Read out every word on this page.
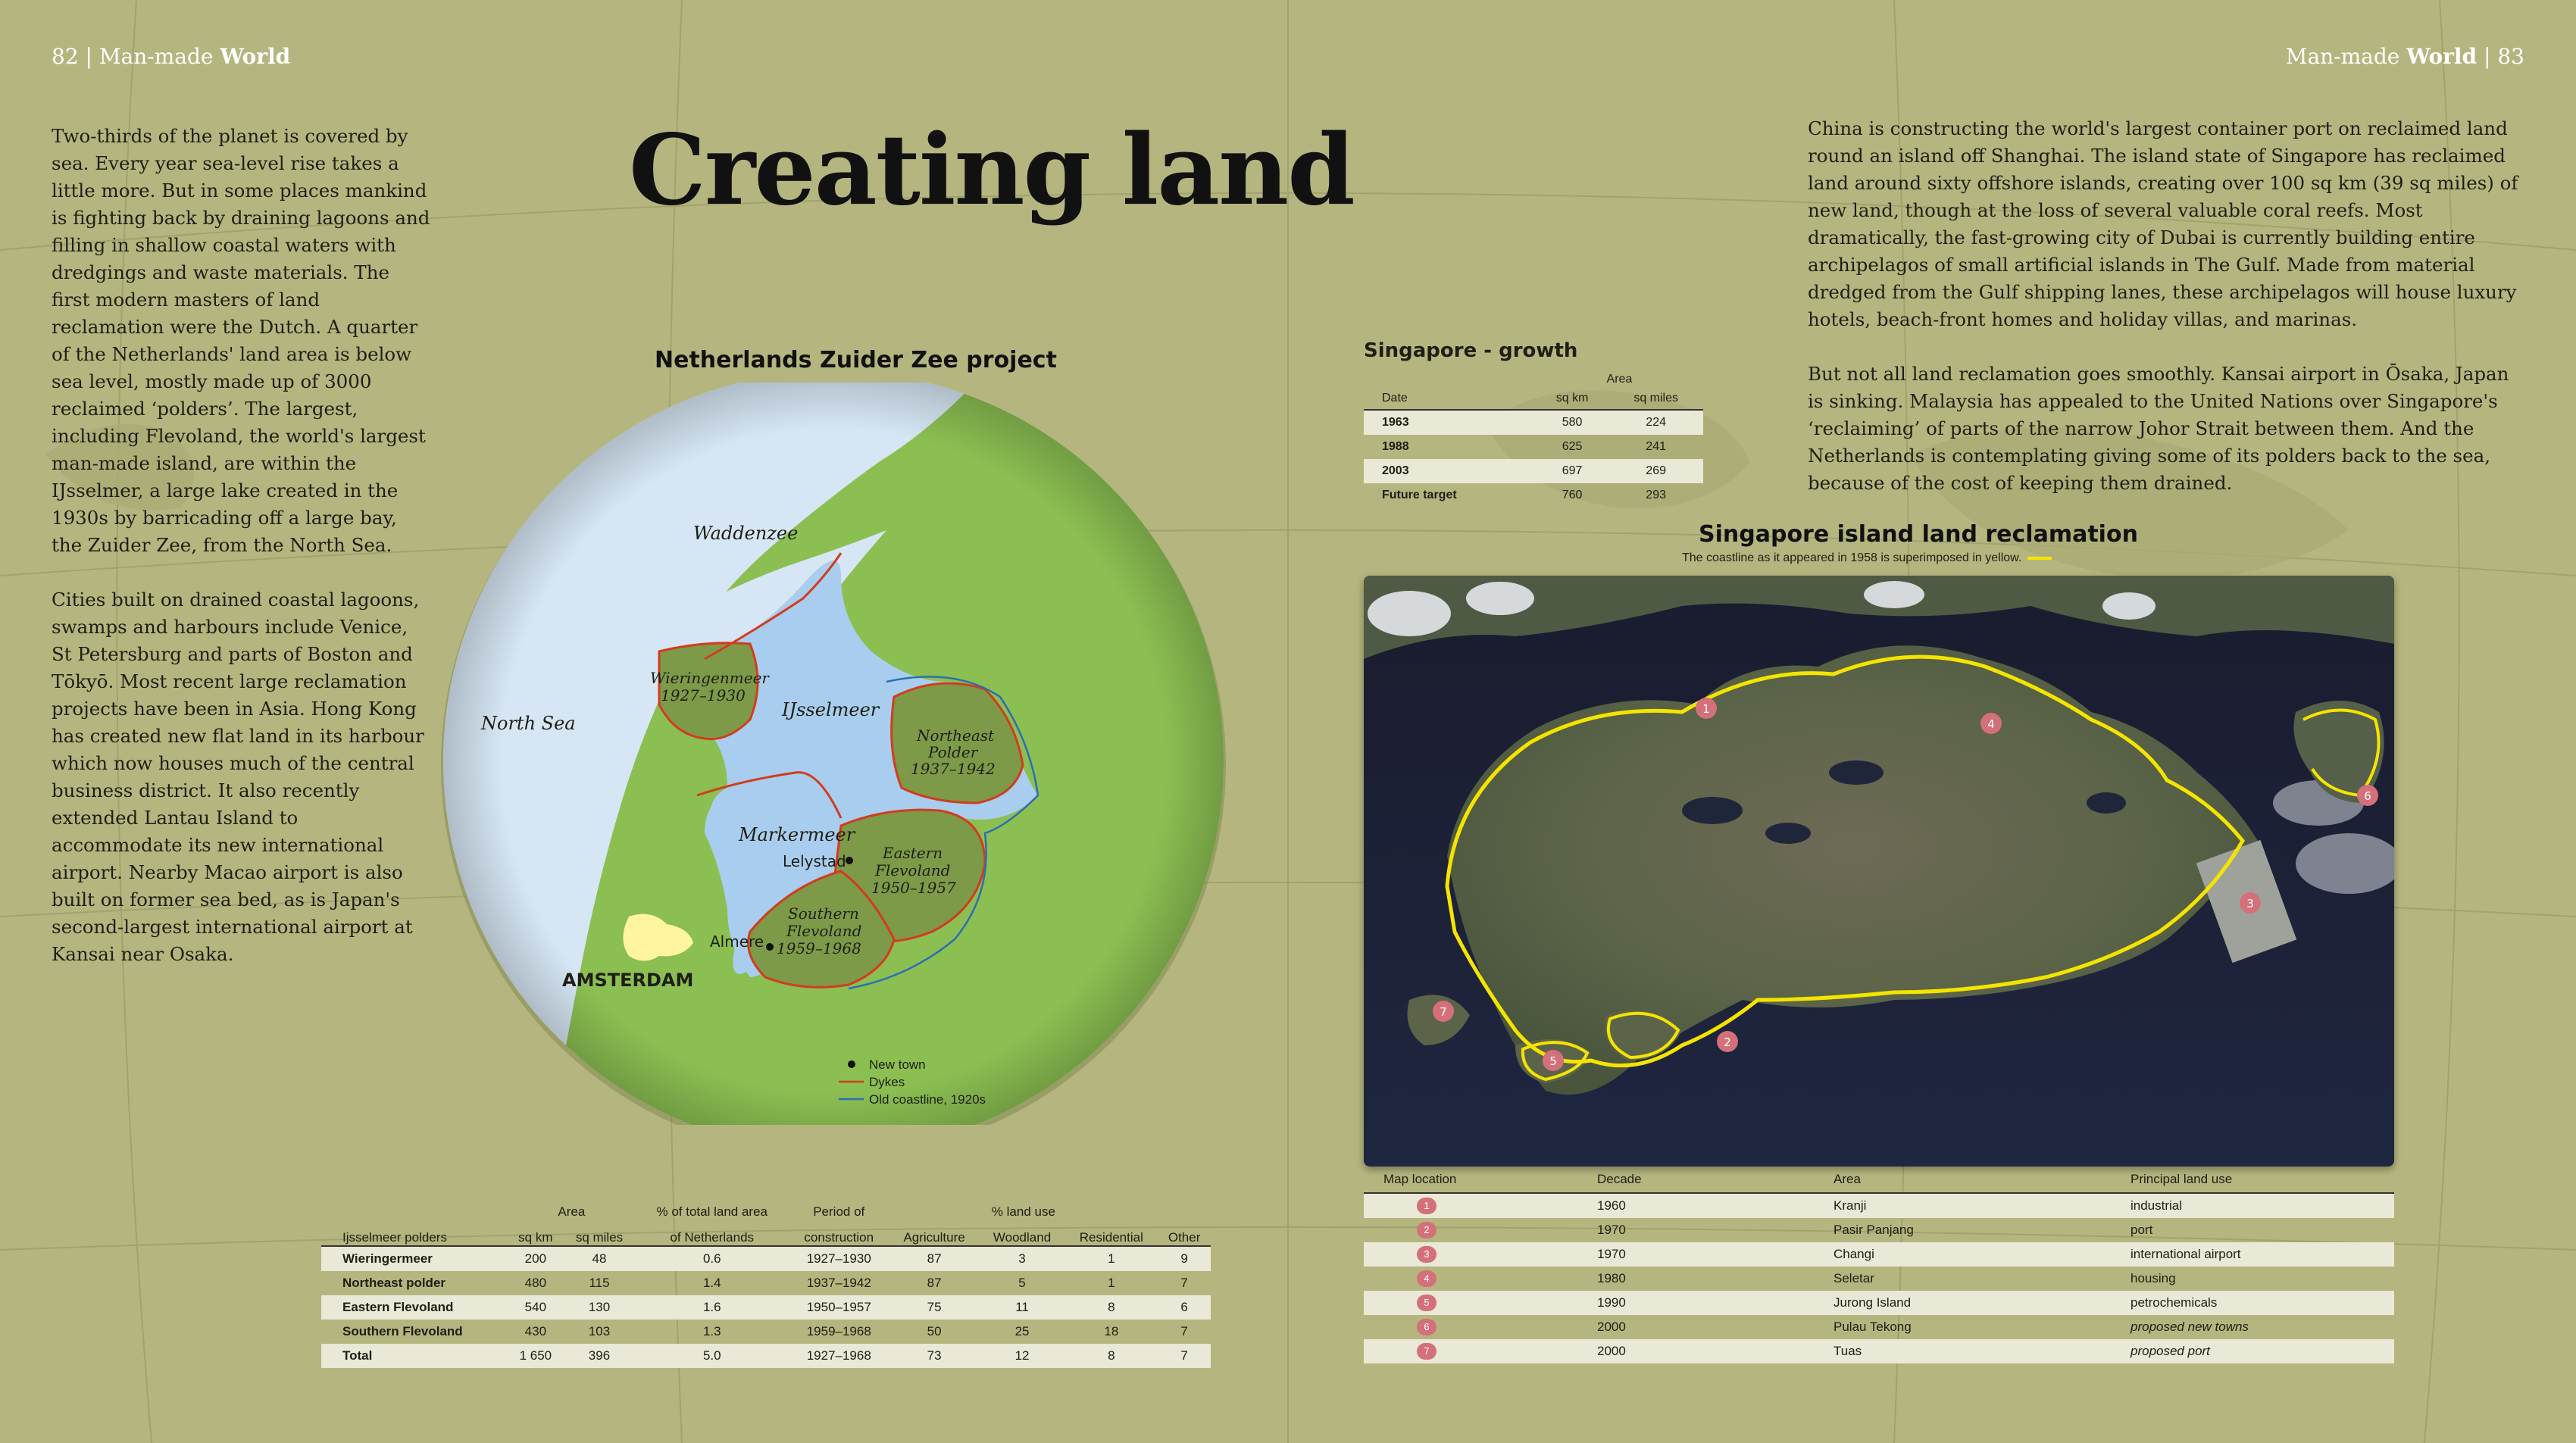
82 | Man-made World	Man-made World | 83
Creating land

Two-thirds of the planet is covered by sea. Every year sea-level rise takes a little more. But in some places mankind is fighting back by draining lagoons and filling in shallow coastal waters with dredgings and waste materials. The first modern masters of land reclamation were the Dutch. A quarter of the Netherlands' land area is below sea level, mostly made up of 3000 reclaimed ‘polders’. The largest, including Flevoland, the world's largest man-made island, are within the IJsselmer, a large lake created in the 1930s by barricading off a large bay, the Zuider Zee, from the North Sea.

Cities built on drained coastal lagoons, swamps and harbours include Venice, St Petersburg and parts of Boston and Tōkyō. Most recent large reclamation projects have been in Asia. Hong Kong has created new flat land in its harbour which now houses much of the central business district. It also recently extended Lantau Island to accommodate its new international airport. Nearby Macao airport is also built on former sea bed, as is Japan's second-largest international airport at Kansai near Osaka.

China is constructing the world's largest container port on reclaimed land round an island off Shanghai. The island state of Singapore has reclaimed land around sixty offshore islands, creating over 100 sq km (39 sq miles) of new land, though at the loss of several valuable coral reefs. Most dramatically, the fast-growing city of Dubai is currently building entire archipelagos of small artificial islands in The Gulf. Made from material dredged from the Gulf shipping lanes, these archipelagos will house luxury hotels, beach-front homes and holiday villas, and marinas.

But not all land reclamation goes smoothly. Kansai airport in Ōsaka, Japan is sinking. Malaysia has appealed to the United Nations over Singapore's ‘reclaiming’ of parts of the narrow Johor Strait between them. And the Netherlands is contemplating giving some of its polders back to the sea, because of the cost of keeping them drained.

Netherlands Zuider Zee project
Waddenzee
North Sea
IJsselmeer
Markermeer
Wieringenmeer
1927–1930
Northeast
Polder
1937–1942
Eastern
Flevoland
1950–1957
Southern
Flevoland
1959–1968
Lelystad
Almere
AMSTERDAM
New town
Dykes
Old coastline, 1920s
Singapore - growth
	Area	
Date	sq km	sq miles
1963	580	224
1988	625	241
2003	697	269
Future target	760	293
Singapore island land reclamation
The coastline as it appeared in 1958 is superimposed in yellow.
1
4
6
3
7
5
2
Map location	Decade	Area	Principal land use
1	1960	Kranji	industrial
2	1970	Pasir Panjang	port
3	1970	Changi	international airport
4	1980	Seletar	housing
5	1990	Jurong Island	petrochemicals
6	2000	Pulau Tekong	proposed new towns
7	2000	Tuas	proposed port
	Area		% of total land area	Period of	% land use			
Ijsselmeer polders	sq km	sq miles	of Netherlands	construction	Agriculture	Woodland	Residential	Other
Wieringermeer	200	48	0.6	1927–1930	87	3	1	9
Northeast polder	480	115	1.4	1937–1942	87	5	1	7
Eastern Flevoland	540	130	1.6	1950–1957	75	11	8	6
Southern Flevoland	430	103	1.3	1959–1968	50	25	18	7
Total	1 650	396	5.0	1927–1968	73	12	8	7
